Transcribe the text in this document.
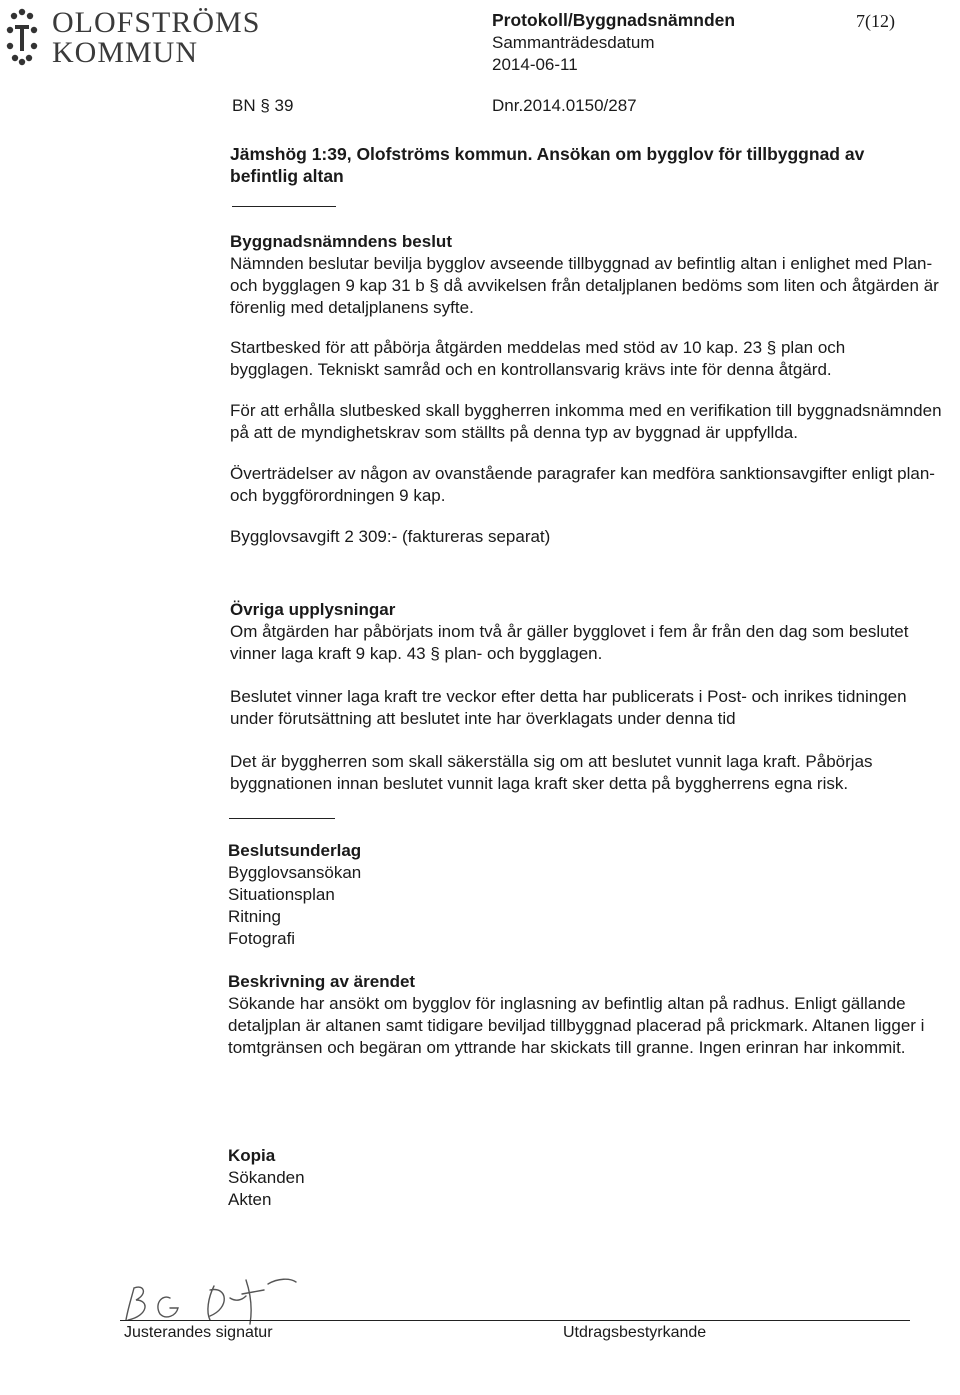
OLOFSTRÖMS
KOMMUN
Protokoll/Byggnadsnämnden
Sammanträdesdatum
2014-06-11
7(12)
BN § 39	Dnr.2014.0150/287
Jämshög 1:39, Olofströms kommun. Ansökan om bygglov för tillbyggnad av befintlig altan

Byggnadsnämndens beslut

Nämnden beslutar bevilja bygglov avseende tillbyggnad av befintlig altan i enlighet med Plan- och bygglagen 9 kap 31 b § då avvikelsen från detaljplanen bedöms som liten och åtgärden är förenlig med detaljplanens syfte.

Startbesked för att påbörja åtgärden meddelas med stöd av 10 kap. 23 § plan och bygglagen. Tekniskt samråd och en kontrollansvarig krävs inte för denna åtgärd.

För att erhålla slutbesked skall byggherren inkomma med en verifikation till byggnadsnämnden på att de myndighetskrav som ställts på denna typ av byggnad är uppfyllda.

Överträdelser av någon av ovanstående paragrafer kan medföra sanktionsavgifter enligt plan- och byggförordningen 9 kap.

Bygglovsavgift 2 309:- (faktureras separat)

Övriga upplysningar

Om åtgärden har påbörjats inom två år gäller bygglovet i fem år från den dag som beslutet vinner laga kraft 9 kap. 43 § plan- och bygglagen.

Beslutet vinner laga kraft tre veckor efter detta har publicerats i Post- och inrikes tidningen under förutsättning att beslutet inte har överklagats under denna tid

Det är byggherren som skall säkerställa sig om att beslutet vunnit laga kraft. Påbörjas byggnationen innan beslutet vunnit laga kraft sker detta på byggherrens egna risk.

Beslutsunderlag

Bygglovsansökan
Situationsplan
Ritning
Fotografi

Beskrivning av ärendet

Sökande har ansökt om bygglov för inglasning av befintlig altan på radhus. Enligt gällande detaljplan är altanen samt tidigare beviljad tillbyggnad placerad på prickmark. Altanen ligger i tomtgränsen och begäran om yttrande har skickats till granne. Ingen erinran har inkommit.

Kopia

Sökanden
Akten
Justerandes signatur	Utdragsbestyrkande
